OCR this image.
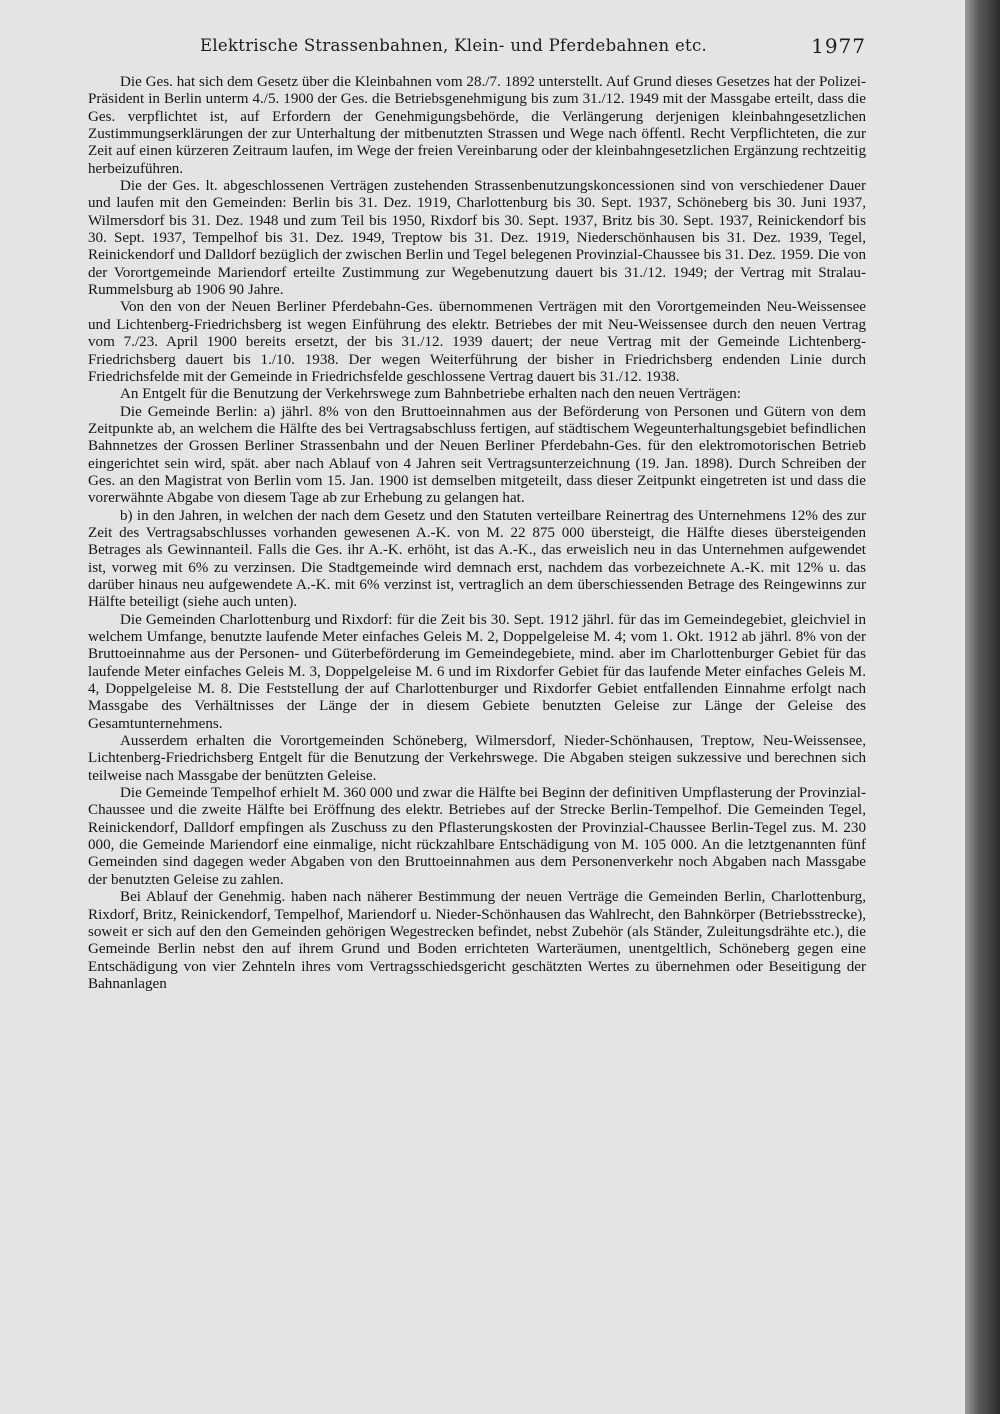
Elektrische Strassenbahnen, Klein- und Pferdebahnen etc.	1977

Die Ges. hat sich dem Gesetz über die Kleinbahnen vom 28./7. 1892 unterstellt. Auf Grund dieses Gesetzes hat der Polizei-Präsident in Berlin unterm 4./5. 1900 der Ges. die Betriebsgenehmigung bis zum 31./12. 1949 mit der Massgabe erteilt, dass die Ges. verpflichtet ist, auf Erfordern der Genehmigungsbehörde, die Verlängerung derjenigen kleinbahngesetzlichen Zustimmungserklärungen der zur Unterhaltung der mitbenutzten Strassen und Wege nach öffentl. Recht Verpflichteten, die zur Zeit auf einen kürzeren Zeitraum laufen, im Wege der freien Vereinbarung oder der kleinbahngesetzlichen Ergänzung rechtzeitig herbeizuführen.

Die der Ges. lt. abgeschlossenen Verträgen zustehenden Strassenbenutzungskoncessionen sind von verschiedener Dauer und laufen mit den Gemeinden: Berlin bis 31. Dez. 1919, Charlottenburg bis 30. Sept. 1937, Schöneberg bis 30. Juni 1937, Wilmersdorf bis 31. Dez. 1948 und zum Teil bis 1950, Rixdorf bis 30. Sept. 1937, Britz bis 30. Sept. 1937, Reinickendorf bis 30. Sept. 1937, Tempelhof bis 31. Dez. 1949, Treptow bis 31. Dez. 1919, Niederschönhausen bis 31. Dez. 1939, Tegel, Reinickendorf und Dalldorf bezüglich der zwischen Berlin und Tegel belegenen Provinzial-Chaussee bis 31. Dez. 1959. Die von der Vorortgemeinde Mariendorf erteilte Zustimmung zur Wegebenutzung dauert bis 31./12. 1949; der Vertrag mit Stralau-Rummelsburg ab 1906 90 Jahre.

Von den von der Neuen Berliner Pferdebahn-Ges. übernommenen Verträgen mit den Vorortgemeinden Neu-Weissensee und Lichtenberg-Friedrichsberg ist wegen Einführung des elektr. Betriebes der mit Neu-Weissensee durch den neuen Vertrag vom 7./23. April 1900 bereits ersetzt, der bis 31./12. 1939 dauert; der neue Vertrag mit der Gemeinde Lichtenberg-Friedrichsberg dauert bis 1./10. 1938. Der wegen Weiterführung der bisher in Friedrichsberg endenden Linie durch Friedrichsfelde mit der Gemeinde in Friedrichsfelde geschlossene Vertrag dauert bis 31./12. 1938.

An Entgelt für die Benutzung der Verkehrswege zum Bahnbetriebe erhalten nach den neuen Verträgen:

Die Gemeinde Berlin: a) jährl. 8% von den Bruttoeinnahmen aus der Beförderung von Personen und Gütern von dem Zeitpunkte ab, an welchem die Hälfte des bei Vertragsabschluss fertigen, auf städtischem Wegeunterhaltungsgebiet befindlichen Bahnnetzes der Grossen Berliner Strassenbahn und der Neuen Berliner Pferdebahn-Ges. für den elektromotorischen Betrieb eingerichtet sein wird, spät. aber nach Ablauf von 4 Jahren seit Vertragsunterzeichnung (19. Jan. 1898). Durch Schreiben der Ges. an den Magistrat von Berlin vom 15. Jan. 1900 ist demselben mitgeteilt, dass dieser Zeitpunkt eingetreten ist und dass die vorerwähnte Abgabe von diesem Tage ab zur Erhebung zu gelangen hat.

b) in den Jahren, in welchen der nach dem Gesetz und den Statuten verteilbare Reinertrag des Unternehmens 12% des zur Zeit des Vertragsabschlusses vorhanden gewesenen A.-K. von M. 22 875 000 übersteigt, die Hälfte dieses übersteigenden Betrages als Gewinnanteil. Falls die Ges. ihr A.-K. erhöht, ist das A.-K., das erweislich neu in das Unternehmen aufgewendet ist, vorweg mit 6% zu verzinsen. Die Stadtgemeinde wird demnach erst, nachdem das vorbezeichnete A.-K. mit 12% u. das darüber hinaus neu aufgewendete A.-K. mit 6% verzinst ist, vertraglich an dem überschiessenden Betrage des Reingewinns zur Hälfte beteiligt (siehe auch unten).

Die Gemeinden Charlottenburg und Rixdorf: für die Zeit bis 30. Sept. 1912 jährl. für das im Gemeindegebiet, gleichviel in welchem Umfange, benutzte laufende Meter einfaches Geleis M. 2, Doppelgeleise M. 4; vom 1. Okt. 1912 ab jährl. 8% von der Bruttoeinnahme aus der Personen- und Güterbeförderung im Gemeindegebiete, mind. aber im Charlottenburger Gebiet für das laufende Meter einfaches Geleis M. 3, Doppelgeleise M. 6 und im Rixdorfer Gebiet für das laufende Meter einfaches Geleis M. 4, Doppelgeleise M. 8. Die Feststellung der auf Charlottenburger und Rixdorfer Gebiet entfallenden Einnahme erfolgt nach Massgabe des Verhältnisses der Länge der in diesem Gebiete benutzten Geleise zur Länge der Geleise des Gesamtunternehmens.

Ausserdem erhalten die Vorortgemeinden Schöneberg, Wilmersdorf, Nieder-Schönhausen, Treptow, Neu-Weissensee, Lichtenberg-Friedrichsberg Entgelt für die Benutzung der Verkehrswege. Die Abgaben steigen sukzessive und berechnen sich teilweise nach Massgabe der benützten Geleise.

Die Gemeinde Tempelhof erhielt M. 360 000 und zwar die Hälfte bei Beginn der definitiven Umpflasterung der Provinzial-Chaussee und die zweite Hälfte bei Eröffnung des elektr. Betriebes auf der Strecke Berlin-Tempelhof. Die Gemeinden Tegel, Reinickendorf, Dalldorf empfingen als Zuschuss zu den Pflasterungskosten der Provinzial-Chaussee Berlin-Tegel zus. M. 230 000, die Gemeinde Mariendorf eine einmalige, nicht rückzahlbare Entschädigung von M. 105 000. An die letztgenannten fünf Gemeinden sind dagegen weder Abgaben von den Bruttoeinnahmen aus dem Personenverkehr noch Abgaben nach Massgabe der benutzten Geleise zu zahlen.

Bei Ablauf der Genehmig. haben nach näherer Bestimmung der neuen Verträge die Gemeinden Berlin, Charlottenburg, Rixdorf, Britz, Reinickendorf, Tempelhof, Mariendorf u. Nieder-Schönhausen das Wahlrecht, den Bahnkörper (Betriebsstrecke), soweit er sich auf den den Gemeinden gehörigen Wegestrecken befindet, nebst Zubehör (als Ständer, Zuleitungsdrähte etc.), die Gemeinde Berlin nebst den auf ihrem Grund und Boden errichteten Warteräumen, unentgeltlich, Schöneberg gegen eine Entschädigung von vier Zehnteln ihres vom Vertragsschiedsgericht geschätzten Wertes zu übernehmen oder Beseitigung der Bahnanlagen
